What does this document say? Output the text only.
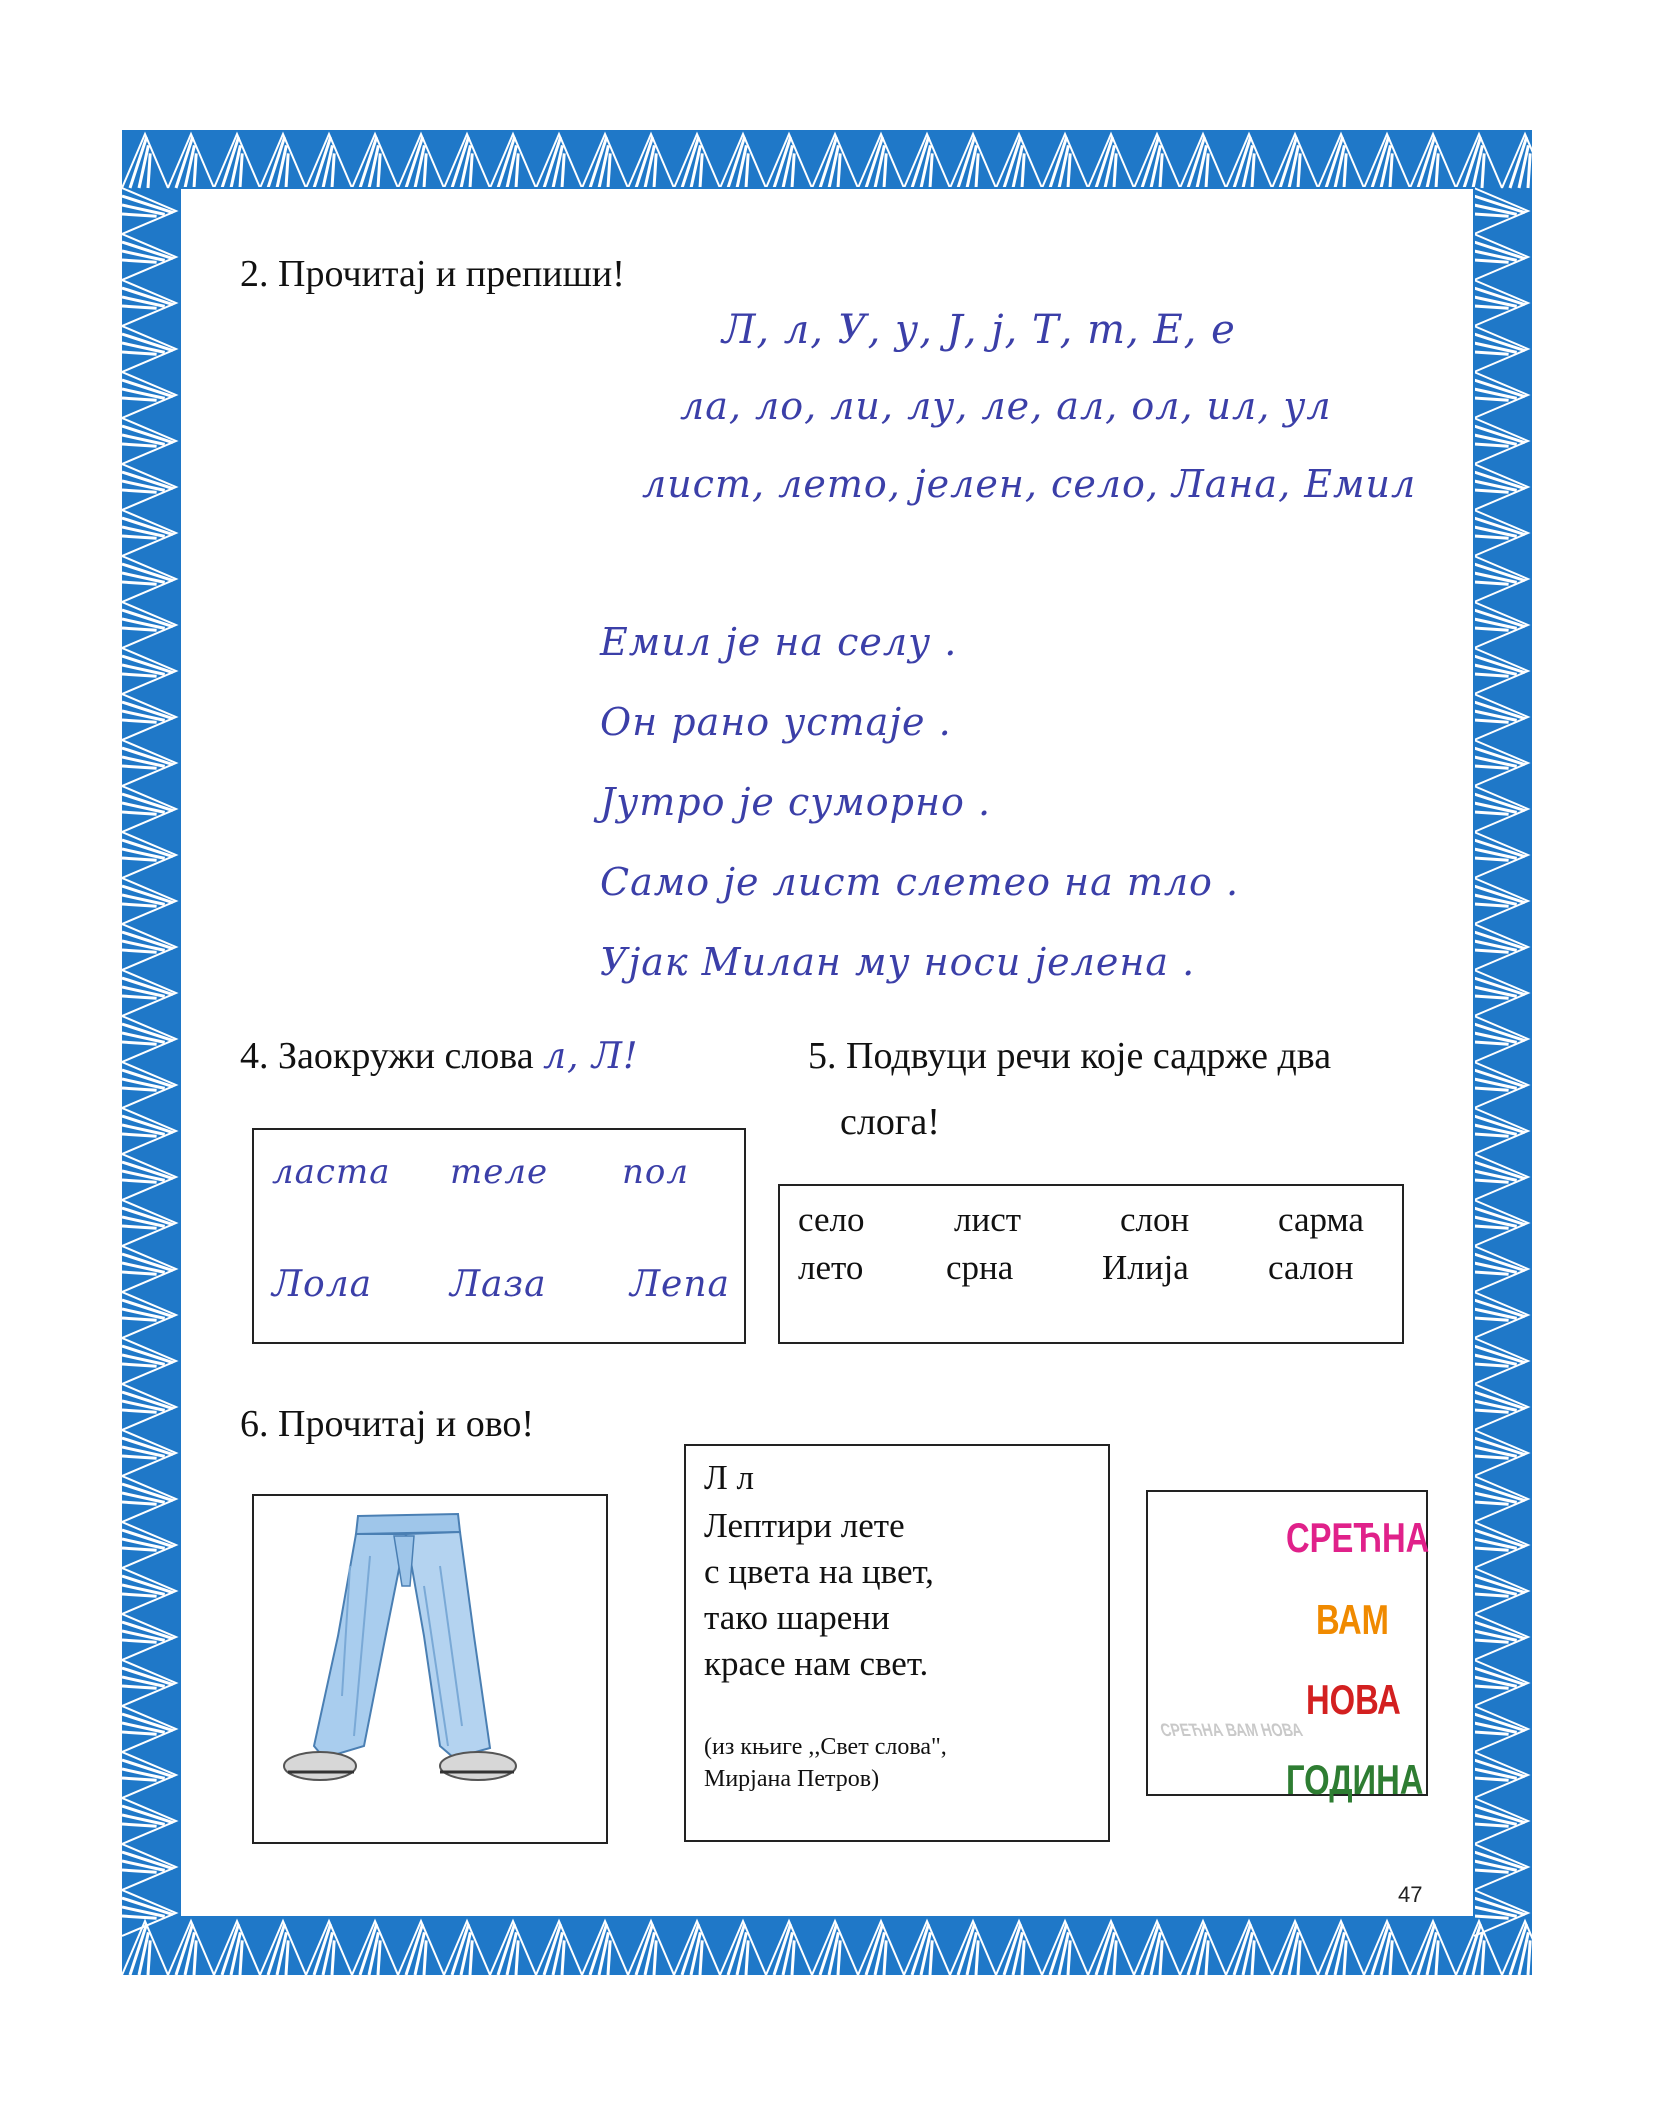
2. Прочитај и препиши!
Л, л, У, у, Ј, ј, Т, т, Е, е
ла, ло, ли, лу, ле, ал, ол, ил, ул
лист, лето, јелен, село, Лана, Емил
Емил је на селу .
Он рано устаје .
Јутро је суморно .
Само је лист слетео на тло .
Ујак Милан му носи јелена .
4. Заокружи слова л, Л!
ласта теле пол
Лола Лаза Лепа
5. Подвуци речи које садрже два
слога!
село	лист	слон	сарма
лето срна	Илија салон
6. Прочитај и ово!
Л л
Лептири лете
с цвета на цвет,
тако шарени
красе нам свет.
(из књиге ,,Свет слова",
Мирјана Петров)
СРЕЋНА
ВАМ
НОВА
ГОДИНА
СРЕЋНА ВАМ НОВА
47
